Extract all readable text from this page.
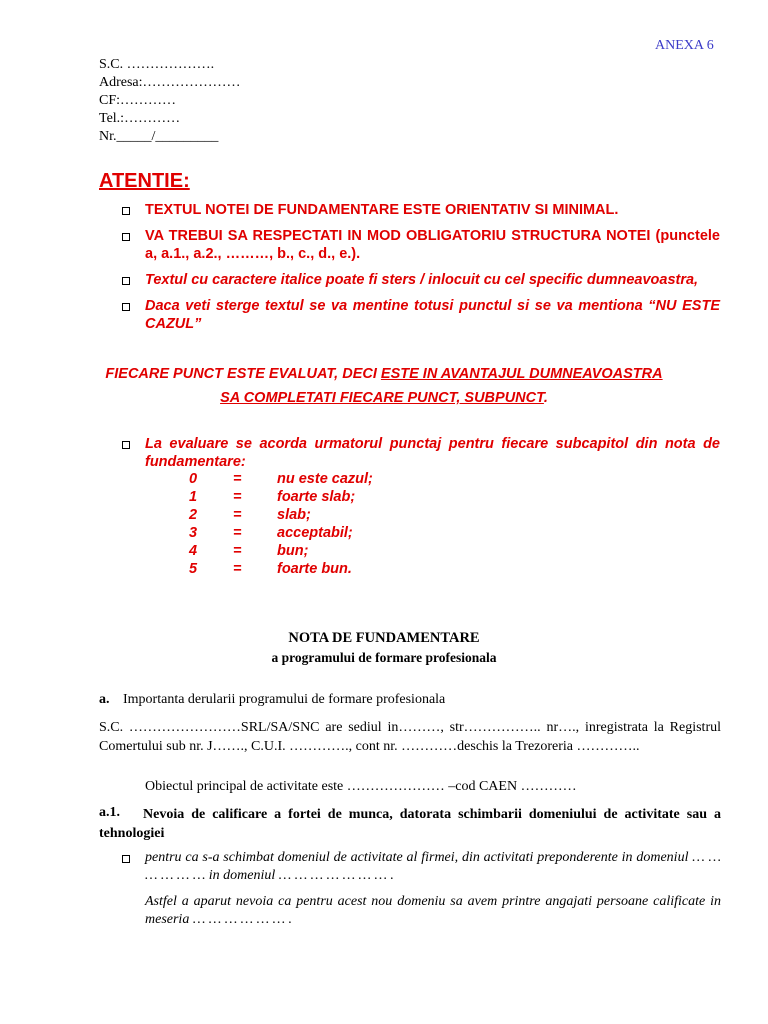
ANEXA 6
S.C. ……………….
Adresa:…………………
CF:…………
Tel.:…………
Nr._____/_________
ATENTIE:
TEXTUL NOTEI DE FUNDAMENTARE ESTE ORIENTATIV SI MINIMAL.
VA TREBUI SA RESPECTATI IN MOD OBLIGATORIU STRUCTURA NOTEI (punctele a, a.1., a.2., ………, b., c., d., e.).
Textul cu caractere italice poate fi sters / inlocuit cu cel specific dumneavoastra,
Daca veti sterge textul se va mentine totusi punctul si se va mentiona “NU ESTE CAZUL”
FIECARE PUNCT ESTE EVALUAT, DECI ESTE IN AVANTAJUL DUMNEAVOASTRA
SA COMPLETATI FIECARE PUNCT, SUBPUNCT.
La evaluare se acorda urmatorul punctaj pentru fiecare subcapitol din nota de fundamentare:
0 = nu este cazul;
1 = foarte slab;
2 = slab;
3 = acceptabil;
4 = bun;
5 = foarte bun.
NOTA DE FUNDAMENTARE
a programului de formare profesionala
a. Importanta derularii programului de formare profesionala
S.C. ……………………SRL/SA/SNC are sediul in………, str…………….. nr…., inregistrata la Registrul Comertului sub nr. J……., C.U.I. …………., cont nr. …………deschis la Trezoreria …………..
Obiectul principal de activitate este ………………… –cod CAEN …………
a.1.	Nevoia de calificare a fortei de munca, datorata schimbarii domeniului de activitate sau a tehnologiei
pentru ca s-a schimbat domeniul de activitate al firmei, din activitati preponderente in domeniul … … … … … … in domeniul … … … … … … … .
Astfel a aparut nevoia ca pentru acest nou domeniu sa avem printre angajati persoane calificate in meseria … … … … … … .
